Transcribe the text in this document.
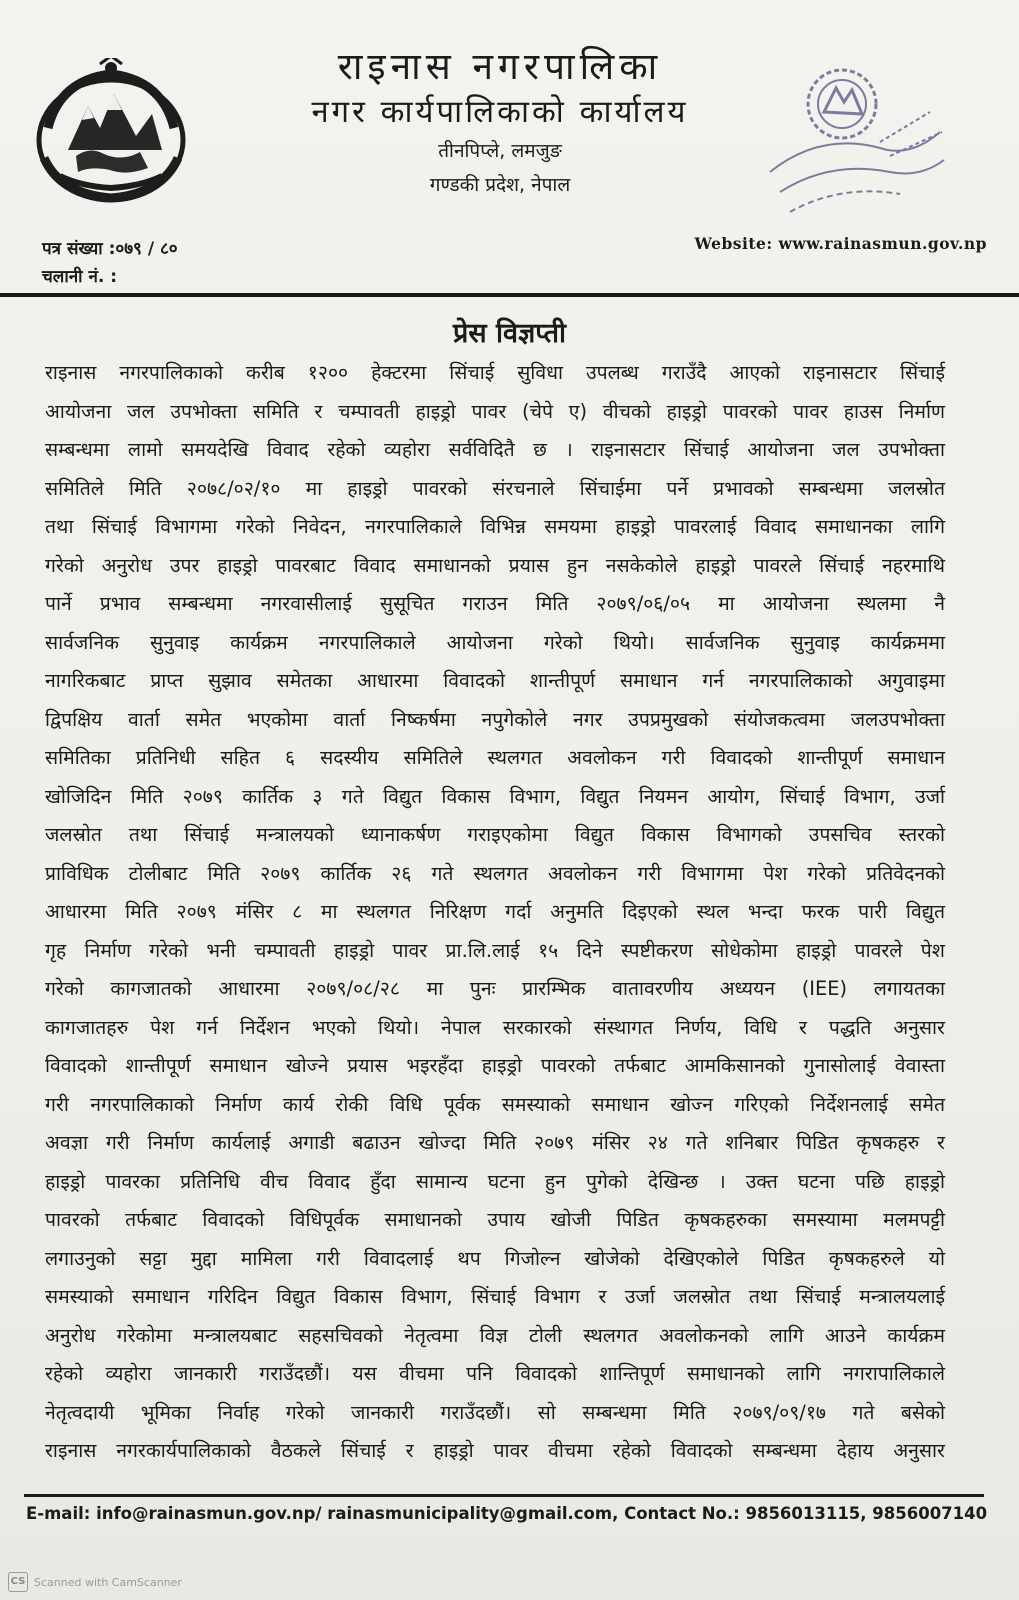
राइनास नगरपालिका
नगर कार्यपालिकाको कार्यालय
तीनपिप्ले, लमजुङ
गण्डकी प्रदेश, नेपाल
पत्र संख्या :०७९ / ८०
चलानी नं. :
Website: www.rainasmun.gov.np
प्रेस विज्ञप्ती
राइनास नगरपालिकाको करीब १२०० हेक्टरमा सिंचाई सुविधा उपलब्ध गराउँदै आएको राइनासटार सिंचाई
आयोजना जल उपभोक्ता समिति र चम्पावती हाइड्रो पावर (चेपे ए) वीचको हाइड्रो पावरको पावर हाउस निर्माण
सम्बन्धमा लामो समयदेखि विवाद रहेको व्यहोरा सर्वविदितै छ । राइनासटार सिंचाई आयोजना जल उपभोक्ता
समितिले मिति २०७८/०२/१० मा हाइड्रो पावरको संरचनाले सिंचाईमा पर्ने प्रभावको सम्बन्धमा जलस्रोत
तथा सिंचाई विभागमा गरेको निवेदन, नगरपालिकाले विभिन्न समयमा हाइड्रो पावरलाई विवाद समाधानका लागि
गरेको अनुरोध उपर हाइड्रो पावरबाट विवाद समाधानको प्रयास हुन नसकेकोले हाइड्रो पावरले सिंचाई नहरमाथि
पार्ने प्रभाव सम्बन्धमा नगरवासीलाई सुसूचित गराउन मिति २०७९/०६/०५ मा आयोजना स्थलमा नै
सार्वजनिक सुनुवाइ कार्यक्रम नगरपालिकाले आयोजना गरेको थियो। सार्वजनिक सुनुवाइ कार्यक्रममा
नागरिकबाट प्राप्त सुझाव समेतका आधारमा विवादको शान्तीपूर्ण समाधान गर्न नगरपालिकाको अगुवाइमा
द्विपक्षिय वार्ता समेत भएकोमा वार्ता निष्कर्षमा नपुगेकोले नगर उपप्रमुखको संयोजकत्वमा जलउपभोक्ता
समितिका प्रतिनिधी सहित ६ सदस्यीय समितिले स्थलगत अवलोकन गरी विवादको शान्तीपूर्ण समाधान
खोजिदिन मिति २०७९ कार्तिक ३ गते विद्युत विकास विभाग, विद्युत नियमन आयोग, सिंचाई विभाग, उर्जा
जलस्रोत तथा सिंचाई मन्त्रालयको ध्यानाकर्षण गराइएकोमा विद्युत विकास विभागको उपसचिव स्तरको
प्राविधिक टोलीबाट मिति २०७९ कार्तिक २६ गते स्थलगत अवलोकन गरी विभागमा पेश गरेको प्रतिवेदनको
आधारमा मिति २०७९ मंसिर ८ मा स्थलगत निरिक्षण गर्दा अनुमति दिइएको स्थल भन्दा फरक पारी विद्युत
गृह निर्माण गरेको भनी चम्पावती हाइड्रो पावर प्रा.लि.लाई १५ दिने स्पष्टीकरण सोधेकोमा हाइड्रो पावरले पेश
गरेको कागजातको आधारमा २०७९/०८/२८ मा पुनः प्रारम्भिक वातावरणीय अध्ययन (IEE) लगायतका
कागजातहरु पेश गर्न निर्देशन भएको थियो। नेपाल सरकारको संस्थागत निर्णय, विधि र पद्धति अनुसार
विवादको शान्तीपूर्ण समाधान खोज्ने प्रयास भइरहँदा हाइड्रो पावरको तर्फबाट आमकिसानको गुनासोलाई वेवास्ता
गरी नगरपालिकाको निर्माण कार्य रोकी विधि पूर्वक समस्याको समाधान खोज्न गरिएको निर्देशनलाई समेत
अवज्ञा गरी निर्माण कार्यलाई अगाडी बढाउन खोज्दा मिति २०७९ मंसिर २४ गते शनिबार पिडित कृषकहरु र
हाइड्रो पावरका प्रतिनिधि वीच विवाद हुँदा सामान्य घटना हुन पुगेको देखिन्छ । उक्त घटना पछि हाइड्रो
पावरको तर्फबाट विवादको विधिपूर्वक समाधानको उपाय खोजी पिडित कृषकहरुका समस्यामा मलमपट्टी
लगाउनुको सट्टा मुद्दा मामिला गरी विवादलाई थप गिजोल्न खोजेको देखिएकोले पिडित कृषकहरुले यो
समस्याको समाधान गरिदिन विद्युत विकास विभाग, सिंचाई विभाग र उर्जा जलस्रोत तथा सिंचाई मन्त्रालयलाई
अनुरोध गरेकोमा मन्त्रालयबाट सहसचिवको नेतृत्वमा विज्ञ टोली स्थलगत अवलोकनको लागि आउने कार्यक्रम
रहेको व्यहोरा जानकारी गराउँदछौं। यस वीचमा पनि विवादको शान्तिपूर्ण समाधानको लागि नगरापालिकाले
नेतृत्वदायी भूमिका निर्वाह गरेको जानकारी गराउँदछौं। सो सम्बन्धमा मिति २०७९/०९/१७ गते बसेको
राइनास नगरकार्यपालिकाको वैठकले सिंचाई र हाइड्रो पावर वीचमा रहेको विवादको सम्बन्धमा देहाय अनुसार
E-mail: info@rainasmun.gov.np/ rainasmunicipality@gmail.com, Contact No.: 9856013115, 9856007140
CS Scanned with CamScanner
